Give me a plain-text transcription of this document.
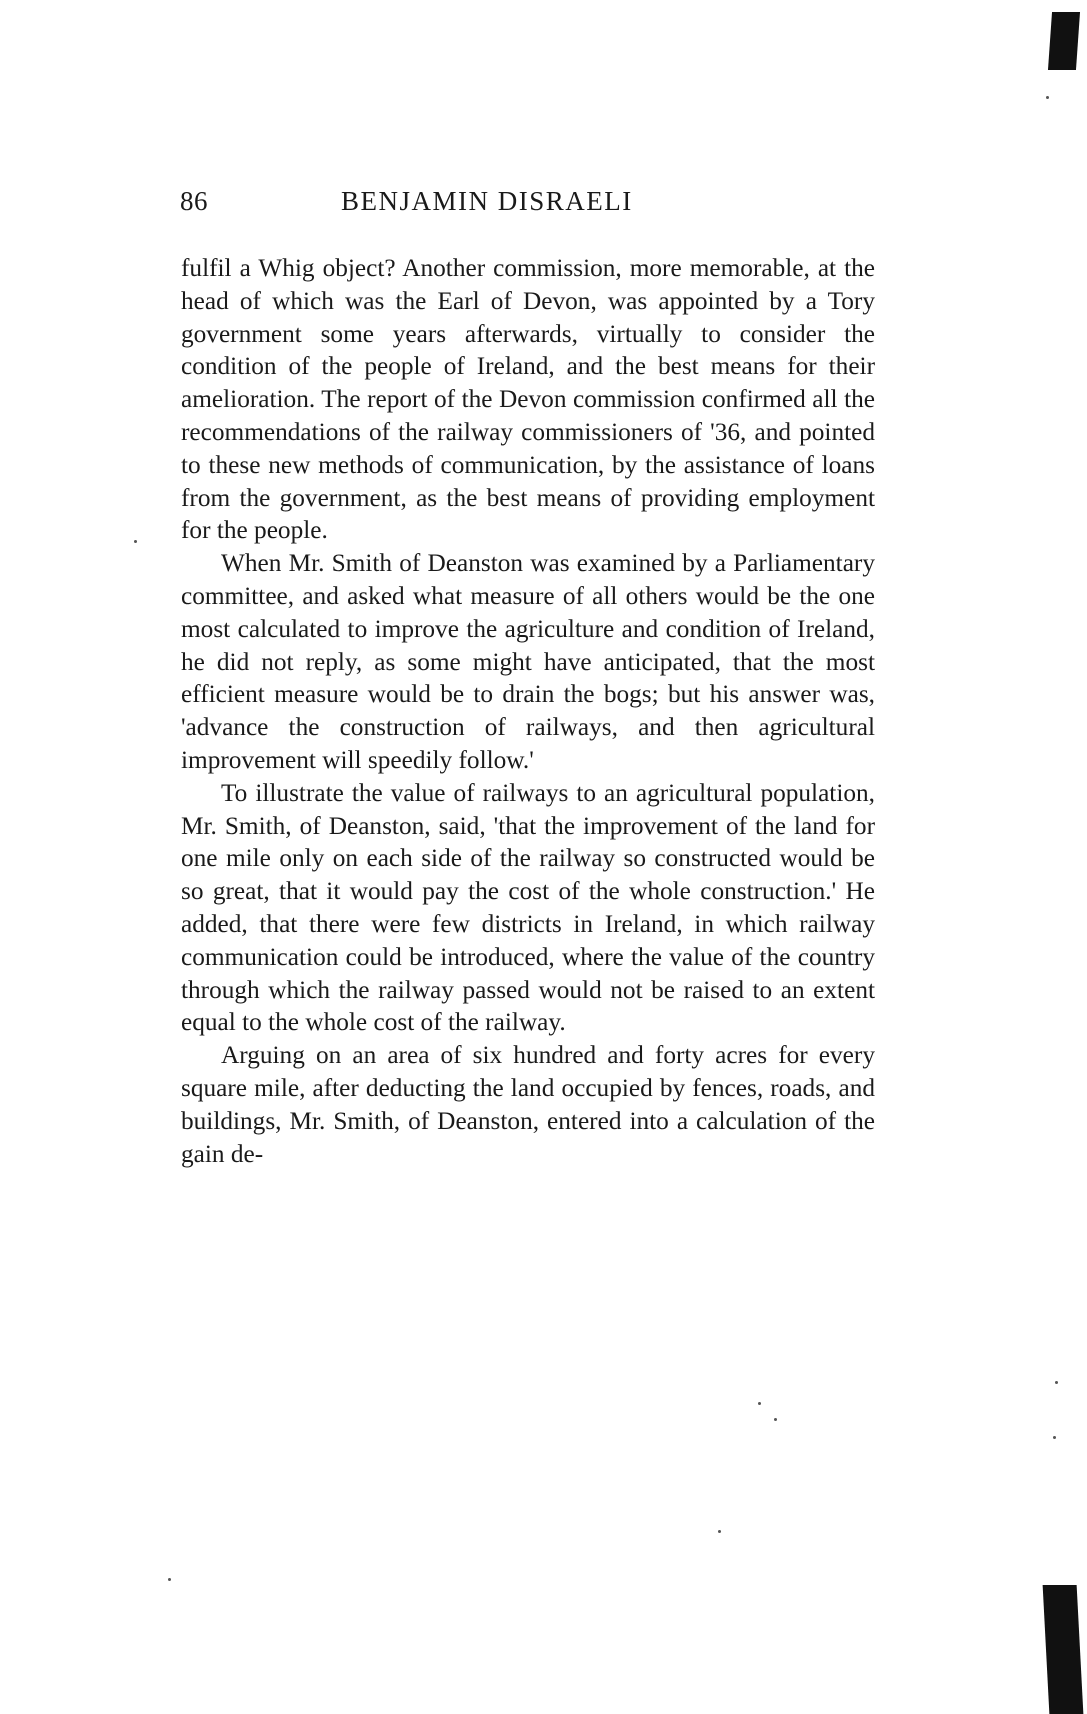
86	BENJAMIN DISRAELI

fulfil a Whig object? Another commission, more memorable, at the head of which was the Earl of Devon, was appointed by a Tory government some years afterwards, virtually to consider the condition of the people of Ireland, and the best means for their amelioration. The report of the Devon commission confirmed all the recommendations of the railway commissioners of '36, and pointed to these new methods of communication, by the assistance of loans from the government, as the best means of providing employment for the people.

When Mr. Smith of Deanston was examined by a Parliamentary committee, and asked what measure of all others would be the one most calculated to improve the agriculture and condition of Ireland, he did not reply, as some might have anticipated, that the most efficient measure would be to drain the bogs; but his answer was, 'advance the construction of railways, and then agricultural improvement will speedily follow.'

To illustrate the value of railways to an agricultural population, Mr. Smith, of Deanston, said, 'that the improvement of the land for one mile only on each side of the railway so constructed would be so great, that it would pay the cost of the whole construction.' He added, that there were few districts in Ireland, in which railway communication could be introduced, where the value of the country through which the railway passed would not be raised to an extent equal to the whole cost of the railway.

Arguing on an area of six hundred and forty acres for every square mile, after deducting the land occupied by fences, roads, and buildings, Mr. Smith, of Deanston, entered into a calculation of the gain de-
